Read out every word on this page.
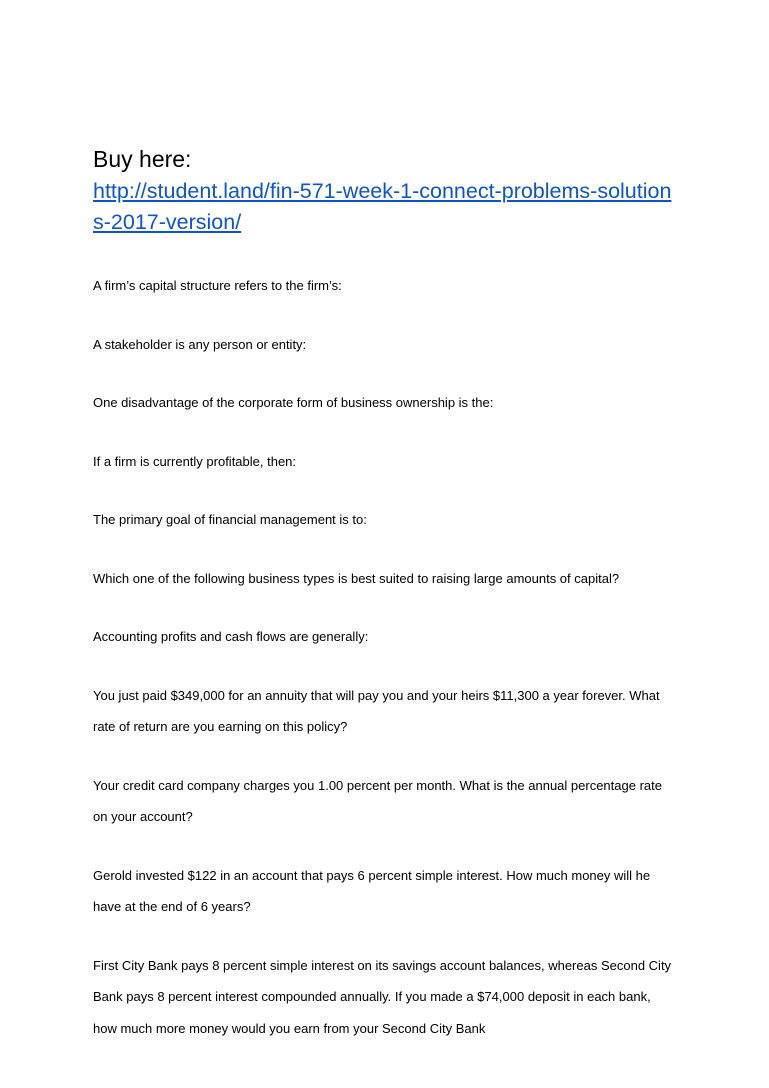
Buy here:

http://student.land/fin-571-week-1-connect-problems-solutions-2017-version/

A firm’s capital structure refers to the firm’s:

A stakeholder is any person or entity:

One disadvantage of the corporate form of business ownership is the:

If a firm is currently profitable, then:

The primary goal of financial management is to:

Which one of the following business types is best suited to raising large amounts of capital?

Accounting profits and cash flows are generally:

You just paid $349,000 for an annuity that will pay you and your heirs $11,300 a year forever. What rate of return are you earning on this policy?

Your credit card company charges you 1.00 percent per month. What is the annual percentage rate on your account?

Gerold invested $122 in an account that pays 6 percent simple interest. How much money will he have at the end of 6 years?

First City Bank pays 8 percent simple interest on its savings account balances, whereas Second City Bank pays 8 percent interest compounded annually. If you made a $74,000 deposit in each bank, how much more money would you earn from your Second City Bank
